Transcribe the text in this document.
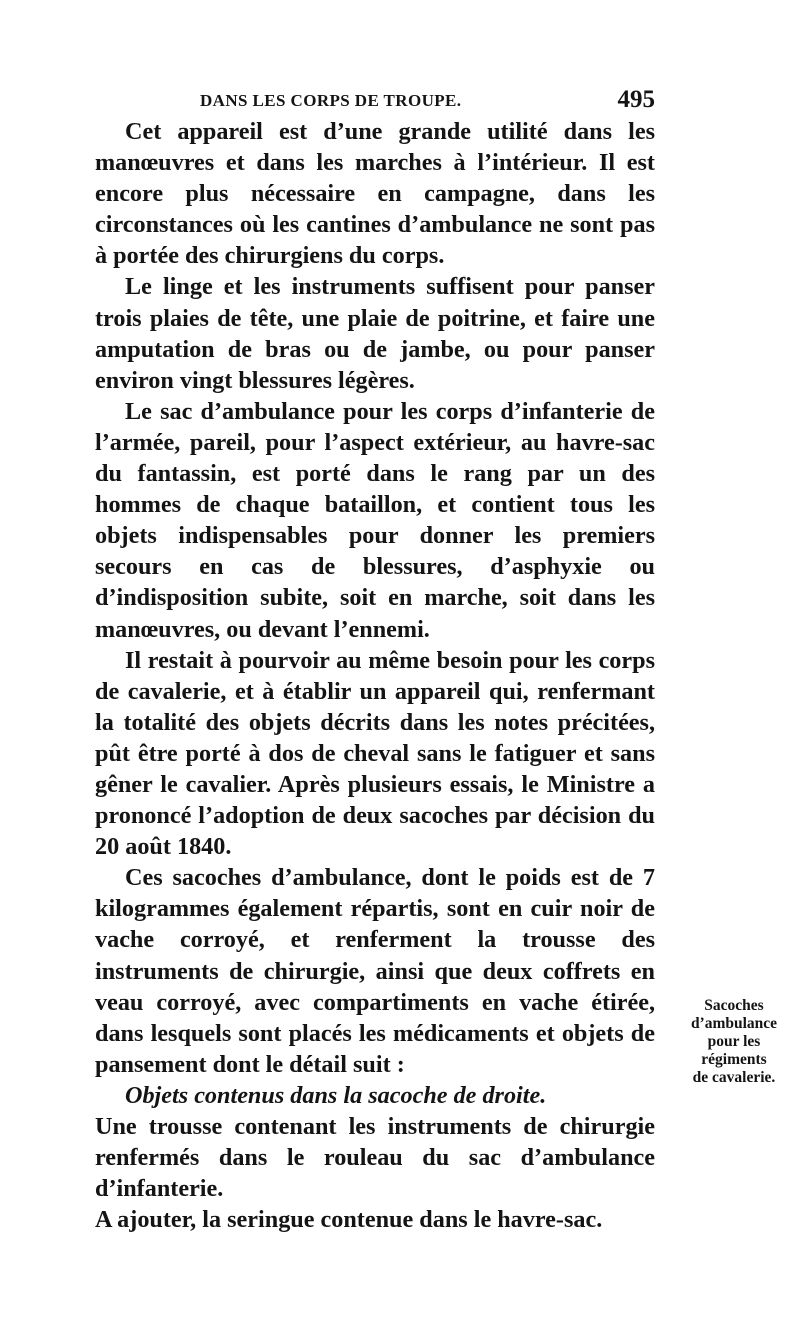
DANS LES CORPS DE TROUPE.	495

Cet appareil est d’une grande utilité dans les manœuvres et dans les marches à l’intérieur. Il est encore plus nécessaire en campagne, dans les circonstances où les cantines d’ambulance ne sont pas à portée des chirurgiens du corps.

Le linge et les instruments suffisent pour panser trois plaies de tête, une plaie de poitrine, et faire une amputation de bras ou de jambe, ou pour panser environ vingt blessures légères.

Le sac d’ambulance pour les corps d’infanterie de l’armée, pareil, pour l’aspect extérieur, au havre-sac du fantassin, est porté dans le rang par un des hommes de chaque bataillon, et contient tous les objets indispensables pour donner les premiers secours en cas de blessures, d’asphyxie ou d’indisposition subite, soit en marche, soit dans les manœuvres, ou devant l’ennemi.

Il restait à pourvoir au même besoin pour les corps de cavalerie, et à établir un appareil qui, renfermant la totalité des objets décrits dans les notes précitées, pût être porté à dos de cheval sans le fatiguer et sans gêner le cavalier. Après plusieurs essais, le Ministre a prononcé l’adoption de deux sacoches par décision du 20 août 1840.

Ces sacoches d’ambulance, dont le poids est de 7 kilogrammes également répartis, sont en cuir noir de vache corroyé, et renferment la trousse des instruments de chirurgie, ainsi que deux coffrets en veau corroyé, avec compartiments en vache étirée, dans lesquels sont placés les médicaments et objets de pansement dont le détail suit :

Objets contenus dans la sacoche de droite.

Une trousse contenant les instruments de chirurgie renfermés dans le rouleau du sac d’ambulance d’infanterie.

A ajouter, la seringue contenue dans le havre-sac.

Sacoches
d’ambulance
pour les
régiments
de cavalerie.
